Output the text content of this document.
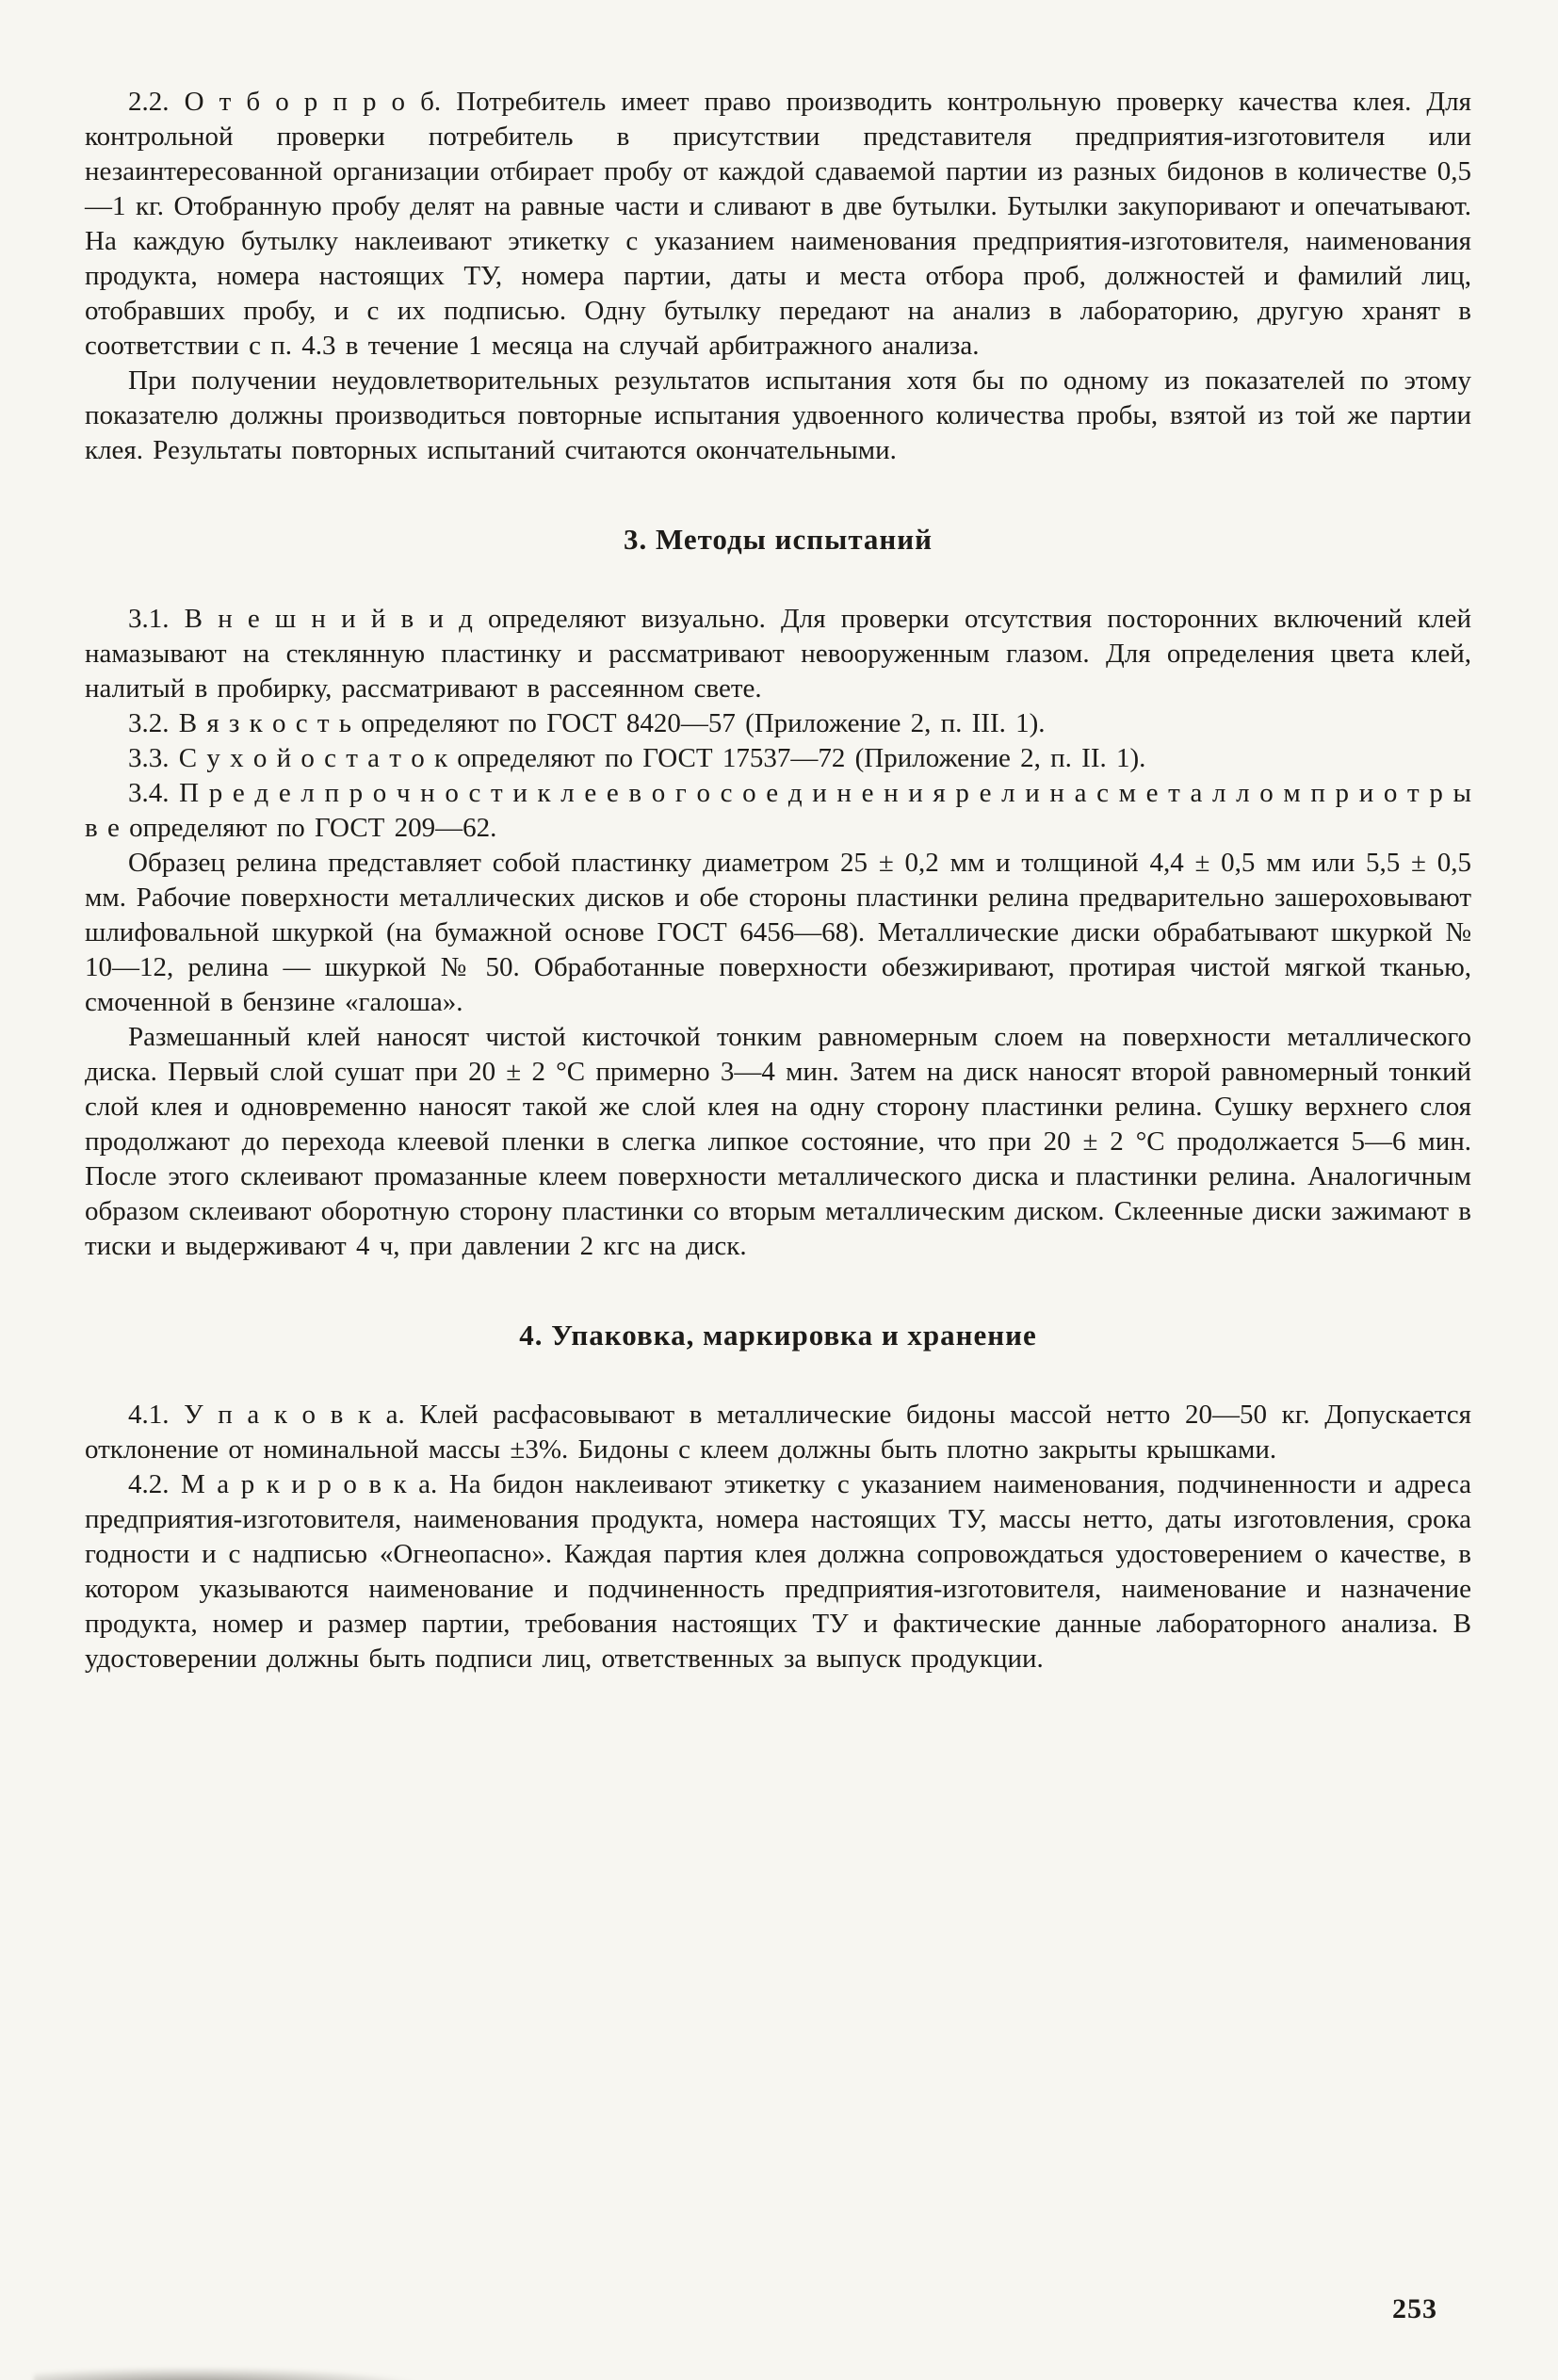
2.2. О т б о р п р о б. Потребитель имеет право производить контрольную проверку качества клея. Для контрольной проверки потребитель в присутствии представителя предприятия-изготовителя или незаинтересованной организации отбирает пробу от каждой сдаваемой партии из разных бидонов в количестве 0,5—1 кг. Отобранную пробу делят на равные части и сливают в две бутылки. Бутылки закупоривают и опечатывают. На каждую бутылку наклеивают этикетку с указанием наименования предприятия-изготовителя, наименования продукта, номера настоящих ТУ, номера партии, даты и места отбора проб, должностей и фамилий лиц, отобравших пробу, и с их подписью. Одну бутылку передают на анализ в лабораторию, другую хранят в соответствии с п. 4.3 в течение 1 месяца на случай арбитражного анализа.

При получении неудовлетворительных результатов испытания хотя бы по одному из показателей по этому показателю должны производиться повторные испытания удвоенного количества пробы, взятой из той же партии клея. Результаты повторных испытаний считаются окончательными.

3. Методы испытаний

3.1. В н е ш н и й в и д определяют визуально. Для проверки отсутствия посторонних включений клей намазывают на стеклянную пластинку и рассматривают невооруженным глазом. Для определения цвета клей, налитый в пробирку, рассматривают в рассеянном свете.

3.2. В я з к о с т ь определяют по ГОСТ 8420—57 (Приложение 2, п. III. 1).

3.3. С у х о й о с т а т о к определяют по ГОСТ 17537—72 (Приложение 2, п. II. 1).

3.4. П р е д е л п р о ч н о с т и к л е е в о г о с о е д и н е н и я р е л и н а с м е т а л л о м п р и о т р ы в е определяют по ГОСТ 209—62.

Образец релина представляет собой пластинку диаметром 25 ± 0,2 мм и толщиной 4,4 ± 0,5 мм или 5,5 ± 0,5 мм. Рабочие поверхности металлических дисков и обе стороны пластинки релина предварительно зашероховывают шлифовальной шкуркой (на бумажной основе ГОСТ 6456—68). Металлические диски обрабатывают шкуркой № 10—12, релина — шкуркой № 50. Обработанные поверхности обезжиривают, протирая чистой мягкой тканью, смоченной в бензине «галоша».

Размешанный клей наносят чистой кисточкой тонким равномерным слоем на поверхности металлического диска. Первый слой сушат при 20 ± 2 °С примерно 3—4 мин. Затем на диск наносят второй равномерный тонкий слой клея и одновременно наносят такой же слой клея на одну сторону пластинки релина. Сушку верхнего слоя продолжают до перехода клеевой пленки в слегка липкое состояние, что при 20 ± 2 °С продолжается 5—6 мин. После этого склеивают промазанные клеем поверхности металлического диска и пластинки релина. Аналогичным образом склеивают оборотную сторону пластинки со вторым металлическим диском. Склеенные диски зажимают в тиски и выдерживают 4 ч, при давлении 2 кгс на диск.

4. Упаковка, маркировка и хранение

4.1. У п а к о в к а. Клей расфасовывают в металлические бидоны массой нетто 20—50 кг. Допускается отклонение от номинальной массы ±3%. Бидоны с клеем должны быть плотно закрыты крышками.

4.2. М а р к и р о в к а. На бидон наклеивают этикетку с указанием наименования, подчиненности и адреса предприятия-изготовителя, наименования продукта, номера настоящих ТУ, массы нетто, даты изготовления, срока годности и с надписью «Огнеопасно». Каждая партия клея должна сопровождаться удостоверением о качестве, в котором указываются наименование и подчиненность предприятия-изготовителя, наименование и назначение продукта, номер и размер партии, требования настоящих ТУ и фактические данные лабораторного анализа. В удостоверении должны быть подписи лиц, ответственных за выпуск продукции.

253
